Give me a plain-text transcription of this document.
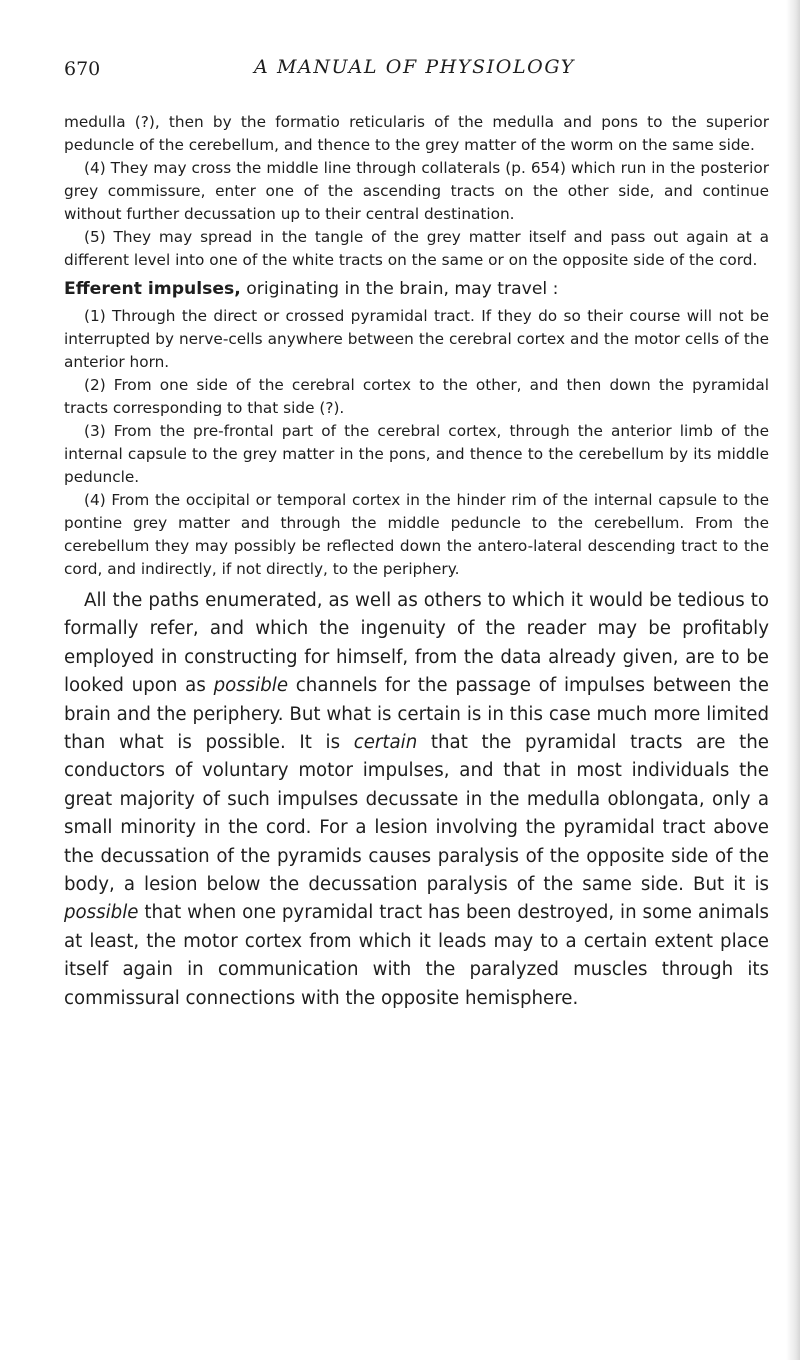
670	A MANUAL OF PHYSIOLOGY

medulla (?), then by the formatio reticularis of the medulla and pons to the superior peduncle of the cerebellum, and thence to the grey matter of the worm on the same side.

(4) They may cross the middle line through collaterals (p. 654) which run in the posterior grey commissure, enter one of the ascending tracts on the other side, and continue without further decussation up to their central destination.

(5) They may spread in the tangle of the grey matter itself and pass out again at a different level into one of the white tracts on the same or on the opposite side of the cord.

Efferent impulses, originating in the brain, may travel :

(1) Through the direct or crossed pyramidal tract. If they do so their course will not be interrupted by nerve-cells anywhere between the cerebral cortex and the motor cells of the anterior horn.

(2) From one side of the cerebral cortex to the other, and then down the pyramidal tracts corresponding to that side (?).

(3) From the pre-frontal part of the cerebral cortex, through the anterior limb of the internal capsule to the grey matter in the pons, and thence to the cerebellum by its middle peduncle.

(4) From the occipital or temporal cortex in the hinder rim of the internal capsule to the pontine grey matter and through the middle peduncle to the cerebellum. From the cerebellum they may possibly be reflected down the antero-lateral descending tract to the cord, and indirectly, if not directly, to the periphery.

All the paths enumerated, as well as others to which it would be tedious to formally refer, and which the ingenuity of the reader may be profitably employed in constructing for himself, from the data already given, are to be looked upon as possible channels for the passage of impulses between the brain and the periphery. But what is certain is in this case much more limited than what is possible. It is certain that the pyramidal tracts are the conductors of voluntary motor impulses, and that in most individuals the great majority of such impulses decussate in the medulla oblongata, only a small minority in the cord. For a lesion involving the pyramidal tract above the decussation of the pyramids causes paralysis of the opposite side of the body, a lesion below the decussation paralysis of the same side. But it is possible that when one pyramidal tract has been destroyed, in some animals at least, the motor cortex from which it leads may to a certain extent place itself again in communication with the paralyzed muscles through its commissural connections with the opposite hemisphere.
